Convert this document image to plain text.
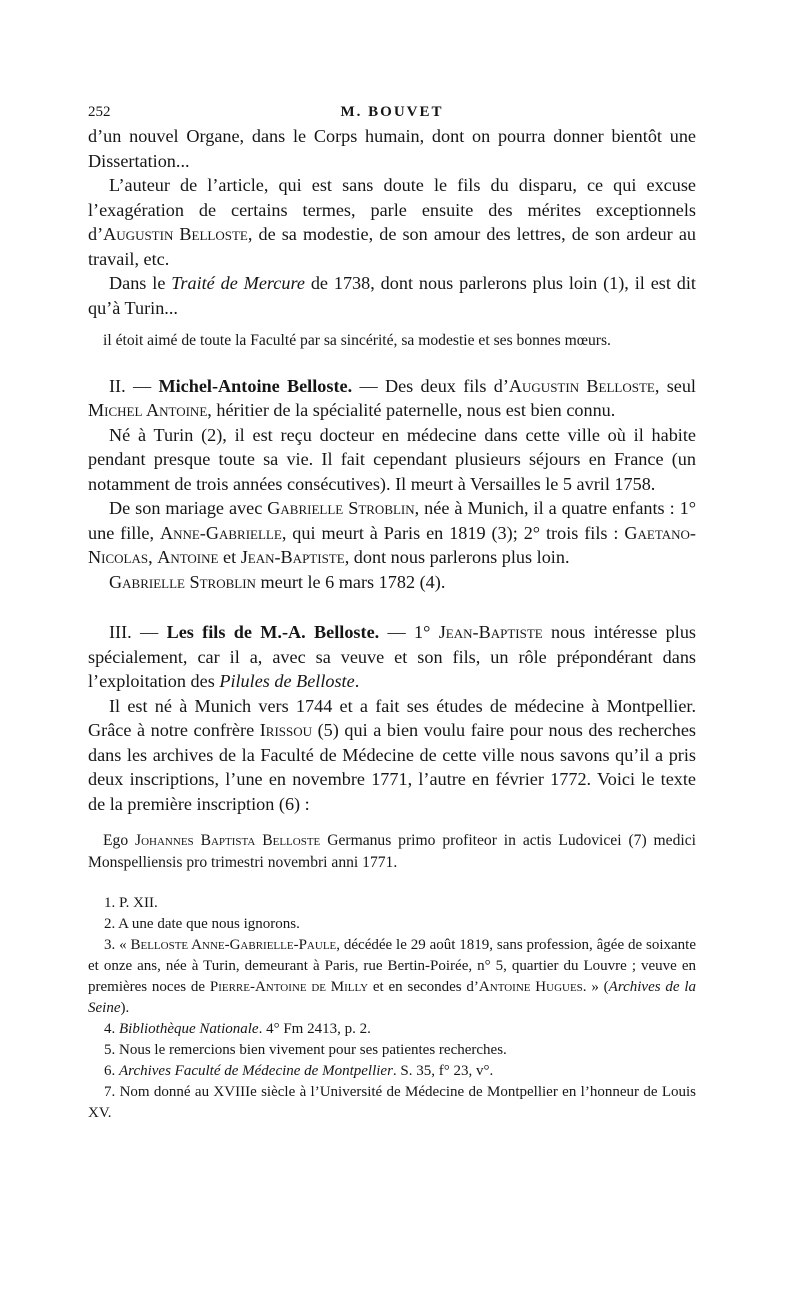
252	M. BOUVET

d’un nouvel Organe, dans le Corps humain, dont on pourra donner bientôt une Dissertation...

L’auteur de l’article, qui est sans doute le fils du disparu, ce qui excuse l’exagération de certains termes, parle ensuite des mérites exceptionnels d’Augustin Belloste, de sa modestie, de son amour des lettres, de son ardeur au travail, etc.

Dans le Traité de Mercure de 1738, dont nous parlerons plus loin (1), il est dit qu’à Turin...

il étoit aimé de toute la Faculté par sa sincérité, sa modestie et ses bonnes mœurs.

II. — Michel-Antoine Belloste. — Des deux fils d’Augustin Belloste, seul Michel Antoine, héritier de la spécialité paternelle, nous est bien connu.

Né à Turin (2), il est reçu docteur en médecine dans cette ville où il habite pendant presque toute sa vie. Il fait cependant plusieurs séjours en France (un notamment de trois années consécutives). Il meurt à Versailles le 5 avril 1758.

De son mariage avec Gabrielle Stroblin, née à Munich, il a quatre enfants : 1° une fille, Anne-Gabrielle, qui meurt à Paris en 1819 (3); 2° trois fils : Gaetano-Nicolas, Antoine et Jean-Baptiste, dont nous parlerons plus loin.

Gabrielle Stroblin meurt le 6 mars 1782 (4).

III. — Les fils de M.-A. Belloste. — 1° Jean-Baptiste nous intéresse plus spécialement, car il a, avec sa veuve et son fils, un rôle prépondérant dans l’exploitation des Pilules de Belloste.

Il est né à Munich vers 1744 et a fait ses études de médecine à Montpellier. Grâce à notre confrère Irissou (5) qui a bien voulu faire pour nous des recherches dans les archives de la Faculté de Médecine de cette ville nous savons qu’il a pris deux inscriptions, l’une en novembre 1771, l’autre en février 1772. Voici le texte de la première inscription (6) :

Ego Johannes Baptista Belloste Germanus primo profiteor in actis Ludovicei (7) medici Monspelliensis pro trimestri novembri anni 1771.

1. P. XII.

2. A une date que nous ignorons.

3. « Belloste Anne-Gabrielle-Paule, décédée le 29 août 1819, sans profession, âgée de soixante et onze ans, née à Turin, demeurant à Paris, rue Bertin-Poirée, n° 5, quartier du Louvre ; veuve en premières noces de Pierre-Antoine de Milly et en secondes d’Antoine Hugues. » (Archives de la Seine).

4. Bibliothèque Nationale. 4° Fm 2413, p. 2.

5. Nous le remercions bien vivement pour ses patientes recherches.

6. Archives Faculté de Médecine de Montpellier. S. 35, f° 23, v°.

7. Nom donné au XVIIIe siècle à l’Université de Médecine de Montpellier en l’honneur de Louis XV.
